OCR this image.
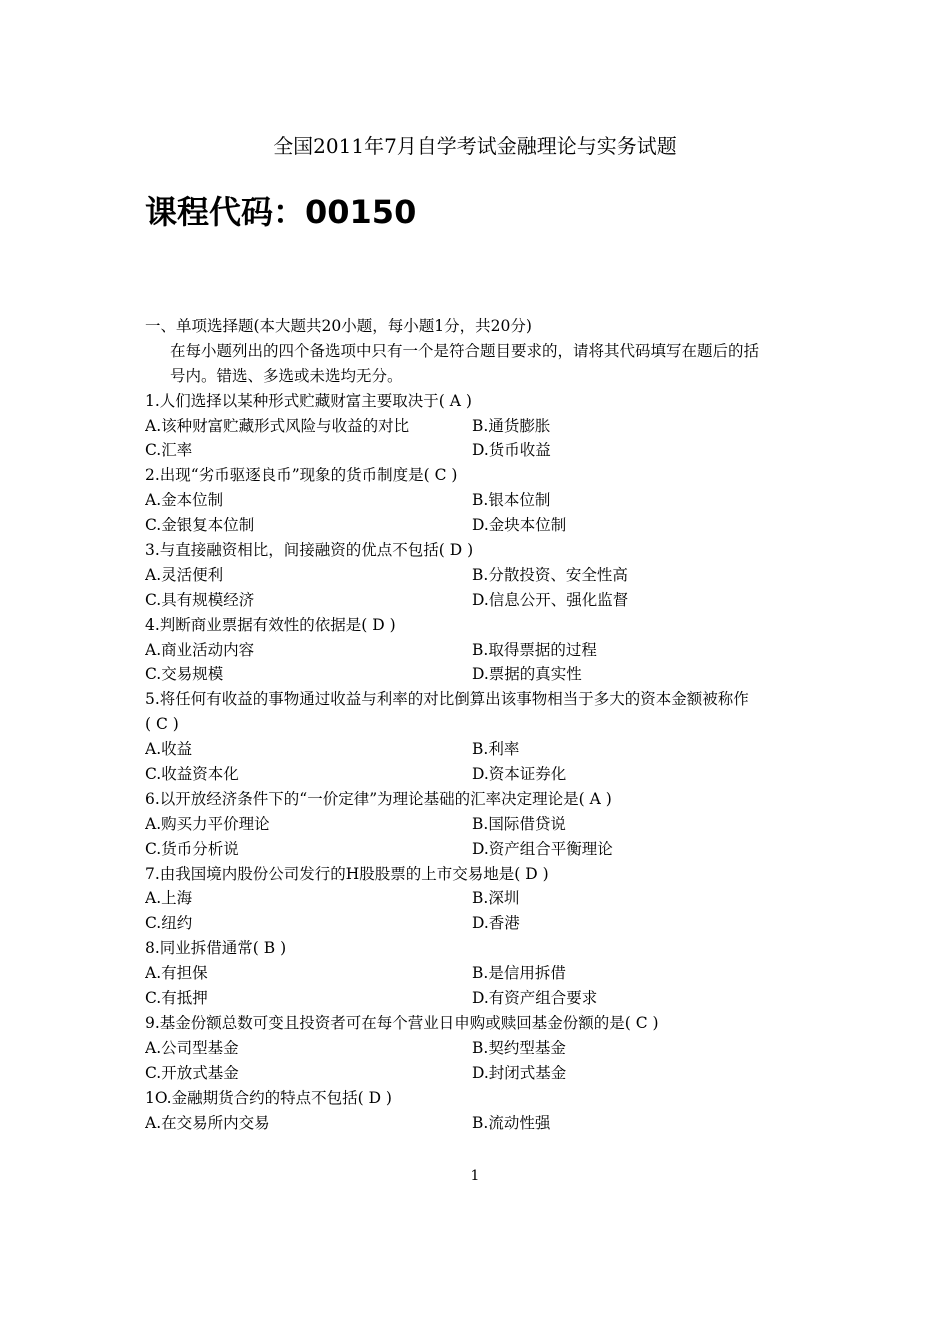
全国2011年7月自学考试金融理论与实务试题
课程代码：00150
一、单项选择题(本大题共20小题，每小题1分，共20分)
在每小题列出的四个备选项中只有一个是符合题目要求的，请将其代码填写在题后的括
号内。错选、多选或未选均无分。
1.人们选择以某种形式贮藏财富主要取决于( A )
A.该种财富贮藏形式风险与收益的对比	B.通货膨胀
C.汇率	D.货币收益
2.出现“劣币驱逐良币”现象的货币制度是( C )
A.金本位制	B.银本位制
C.金银复本位制	D.金块本位制
3.与直接融资相比，间接融资的优点不包括( D )
A.灵活便利	B.分散投资、安全性高
C.具有规模经济	D.信息公开、强化监督
4.判断商业票据有效性的依据是( D )
A.商业活动内容	B.取得票据的过程
C.交易规模	D.票据的真实性
5.将任何有收益的事物通过收益与利率的对比倒算出该事物相当于多大的资本金额被称作
( C )
A.收益	B.利率
C.收益资本化	D.资本证券化
6.以开放经济条件下的“一价定律”为理论基础的汇率决定理论是( A )
A.购买力平价理论	B.国际借贷说
C.货币分析说	D.资产组合平衡理论
7.由我国境内股份公司发行的H股股票的上市交易地是( D )
A.上海	B.深圳
C.纽约	D.香港
8.同业拆借通常( B )
A.有担保	B.是信用拆借
C.有抵押	D.有资产组合要求
9.基金份额总数可变且投资者可在每个营业日申购或赎回基金份额的是( C )
A.公司型基金	B.契约型基金
C.开放式基金	D.封闭式基金
1O.金融期货合约的特点不包括( D )
A.在交易所内交易	B.流动性强
1
